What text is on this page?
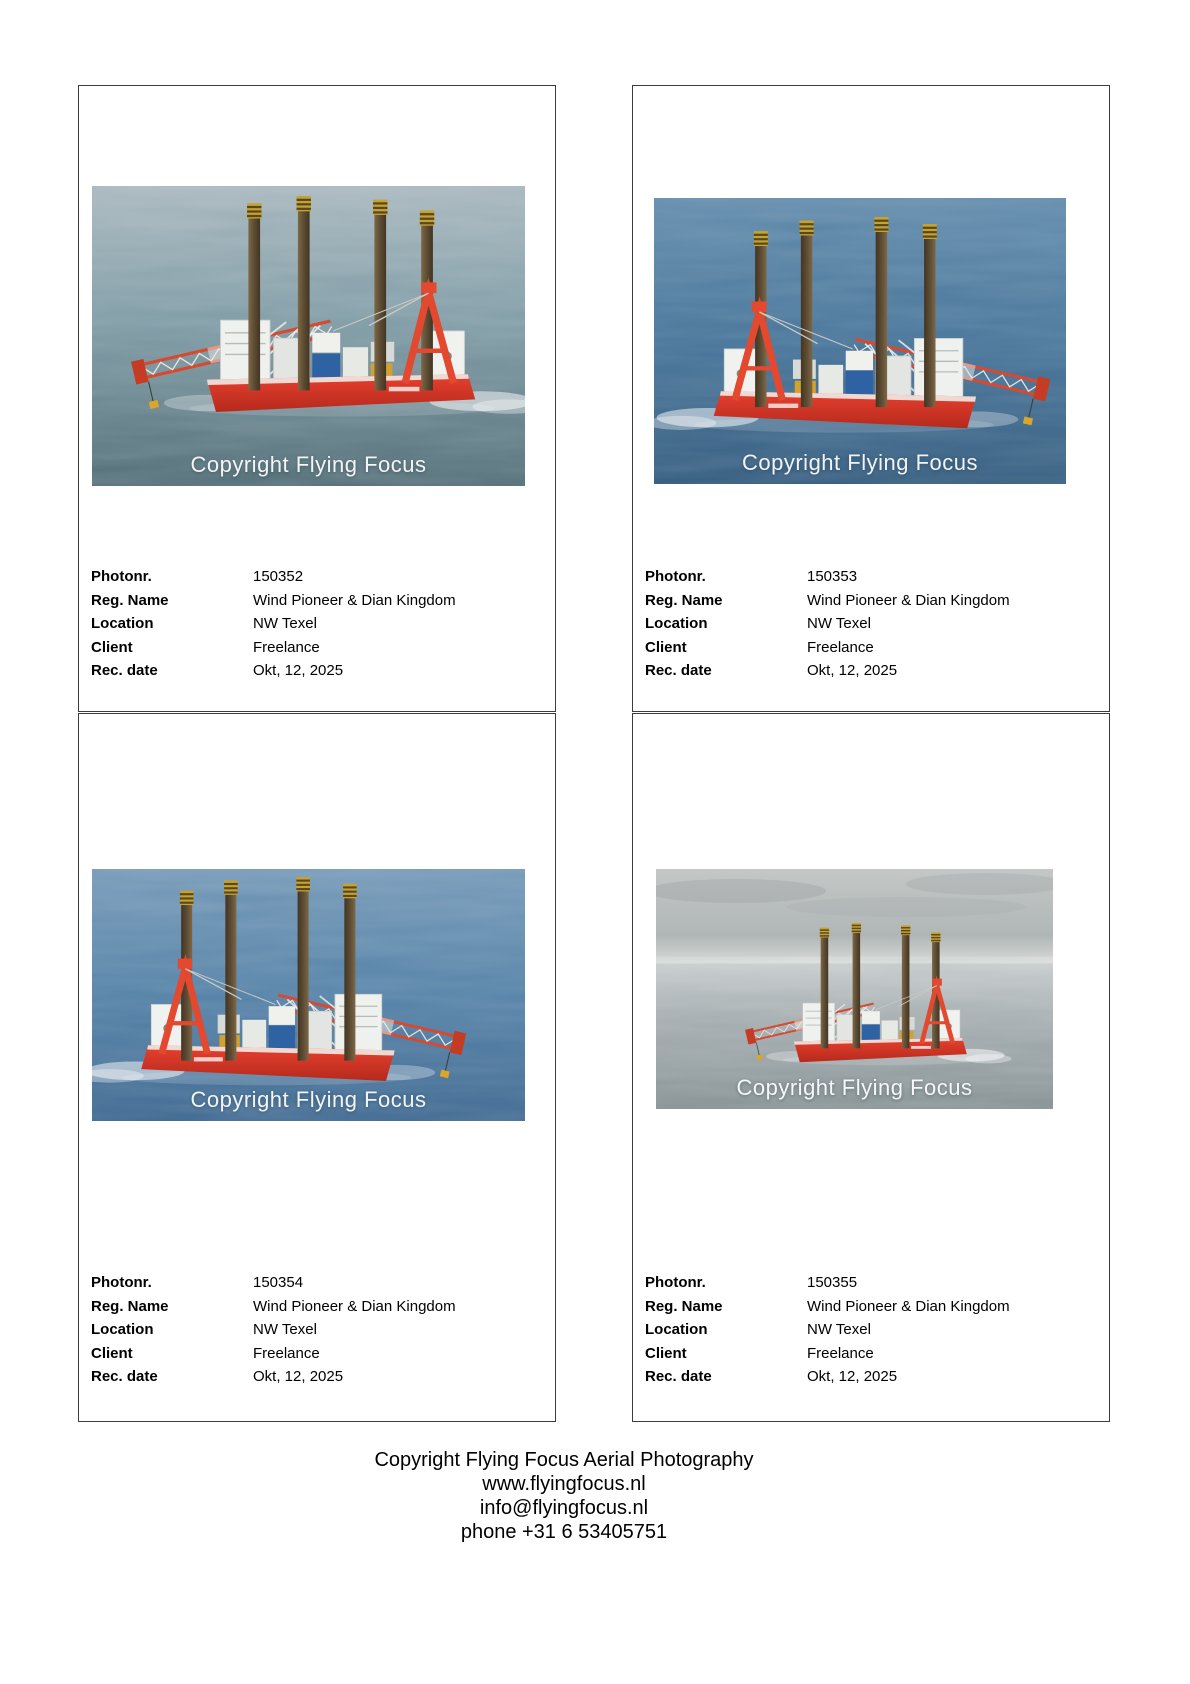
Copyright Flying Focus
Photonr.	150352
Reg. Name	Wind Pioneer & Dian Kingdom
Location	NW Texel
Client	Freelance
Rec. date	Okt, 12, 2025
Copyright Flying Focus
Photonr.	150353
Reg. Name	Wind Pioneer & Dian Kingdom
Location	NW Texel
Client	Freelance
Rec. date	Okt, 12, 2025
Copyright Flying Focus
Photonr.	150354
Reg. Name	Wind Pioneer & Dian Kingdom
Location	NW Texel
Client	Freelance
Rec. date	Okt, 12, 2025
Copyright Flying Focus
Photonr.	150355
Reg. Name	Wind Pioneer & Dian Kingdom
Location	NW Texel
Client	Freelance
Rec. date	Okt, 12, 2025
Copyright Flying Focus Aerial Photography
www.flyingfocus.nl
info@flyingfocus.nl
phone +31 6 53405751
